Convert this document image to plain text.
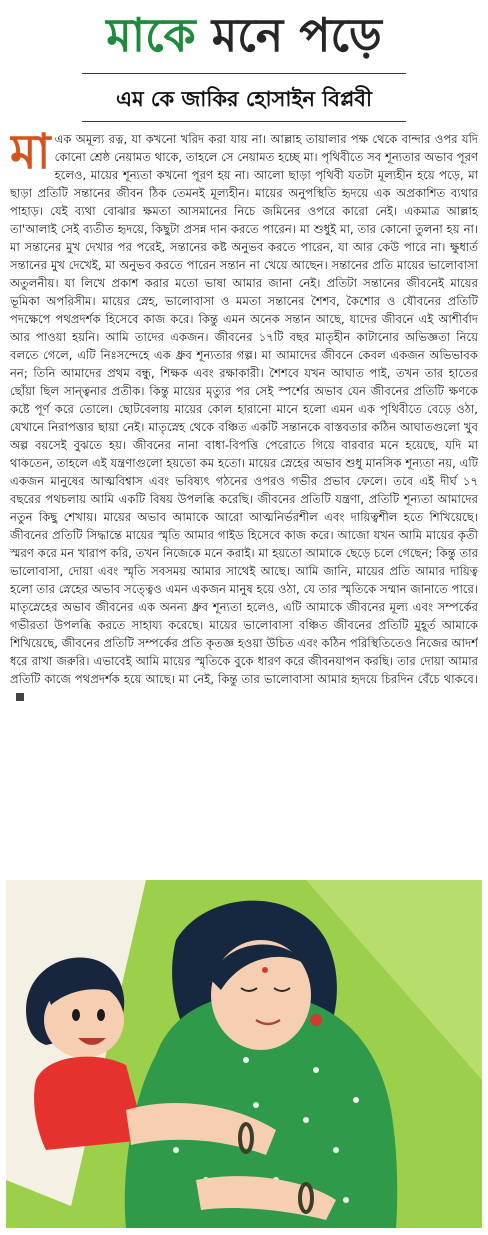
মাকে মনে পড়ে
এম কে জাকির হোসাইন বিপ্লবী
মাএক অমূল্য রত্ন, যা কখনো খরিদ করা যায় না। আল্লাহ তায়ালার পক্ষ থেকে বান্দার ওপর যদি কোনো শ্রেষ্ঠ নেয়ামত থাকে, তাহলে সে নেয়ামত হচ্ছে মা। পৃথিবীতে সব শূন্যতার অভাব পূরণ হলেও, মায়ের শূন্যতা কখনো পূরণ হয় না। আলো ছাড়া পৃথিবী যতটা মূল্যহীন হয়ে পড়ে, মা ছাড়া প্রতিটি সন্তানের জীবন ঠিক তেমনই মূল্যহীন। মায়ের অনুপস্থিতি হৃদয়ে এক অপ্রকাশিত ব্যথার পাহাড়। যেই ব্যথা বোঝার ক্ষমতা আসমানের নিচে জমিনের ওপরে কারো নেই। একমাত্র আল্লাহ তা'আলাই সেই ব্যতীত হৃদয়ে, কিছুটা প্রসন্ন দান করতে পারেন। মা শুধুই মা, তার কোনো তুলনা হয় না। মা সন্তানের মুখ দেখার পর পরেই, সন্তানের কষ্ট অনুভব করতে পারেন, যা আর কেউ পারে না। ক্ষুধার্ত সন্তানের মুখ দেখেই, মা অনুভব করতে পারেন সন্তান না খেয়ে আছেন। সন্তানের প্রতি মায়ের ভালোবাসা অতুলনীয়। যা লিখে প্রকাশ করার মতো ভাষা আমার জানা নেই। প্রতিটা সন্তানের জীবনেই মায়ের ভূমিকা অপরিসীম। মায়ের স্নেহ, ভালোবাসা ও মমতা সন্তানের শৈশব, কৈশোর ও যৌবনের প্রতিটি পদক্ষেপে পথপ্রদর্শক হিসেবে কাজ করে। কিন্তু এমন অনেক সন্তান আছে, যাদের জীবনে এই আশীর্বাদ আর পাওয়া হয়নি। আমি তাদের একজন। জীবনের ১৭টি বছর মাতৃহীন কাটানোর অভিজ্ঞতা নিয়ে বলতে গেলে, এটি নিঃসন্দেহে এক ধ্রুব শূন্যতার গল্প। মা আমাদের জীবনে কেবল একজন অভিভাবক নন; তিনি আমাদের প্রথম বন্ধু, শিক্ষক এবং রক্ষাকারী। শৈশবে যখন আঘাত পাই, তখন তার হাতের ছোঁয়া ছিল সান্ত্বনার প্রতীক। কিন্তু মায়ের মৃত্যুর পর সেই স্পর্শের অভাব যেন জীবনের প্রতিটি ক্ষণকে কষ্টে পূর্ণ করে তোলে। ছোটবেলায় মায়ের কোল হারানো মানে হলো এমন এক পৃথিবীতে বেড়ে ওঠা, যেখানে নিরাপত্তার ছায়া নেই। মাতৃস্নেহ থেকে বঞ্চিত একটি সন্তানকে বাস্তবতার কঠিন আঘাতগুলো খুব অল্প বয়সেই বুঝতে হয়। জীবনের নানা বাধা-বিপত্তি পেরোতে গিয়ে বারবার মনে হয়েছে, যদি মা থাকতেন, তাহলে এই যন্ত্রণাগুলো হয়তো কম হতো। মায়ের স্নেহের অভাব শুধু মানসিক শূন্যতা নয়, এটি একজন মানুষের আত্মবিশ্বাস এবং ভবিষ্যৎ গঠনের ওপরও গভীর প্রভাব ফেলে। তবে এই দীর্ঘ ১৭ বছরের পথচলায় আমি একটি বিষয় উপলব্ধি করেছি। জীবনের প্রতিটি যন্ত্রণা, প্রতিটি শূন্যতা আমাদের নতুন কিছু শেখায়। মায়ের অভাব আমাকে আরো আত্মনির্ভরশীল এবং দায়িত্বশীল হতে শিখিয়েছে। জীবনের প্রতিটি সিদ্ধান্তে মায়ের স্মৃতি আমার গাইড হিসেবে কাজ করে। আজো যখন আমি মায়ের কৃতী স্মরণ করে মন খারাপ করি, তখন নিজেকে মনে করাই। মা হয়তো আমাকে ছেড়ে চলে গেছেন; কিন্তু তার ভালোবাসা, দোয়া এবং স্মৃতি সবসময় আমার সাথেই আছে। আমি জানি, মায়ের প্রতি আমার দায়িত্ব হলো তার স্নেহের অভাব সত্ত্বেও এমন একজন মানুষ হয়ে ওঠা, যে তার স্মৃতিকে সম্মান জানাতে পারে। মাতৃস্নেহের অভাব জীবনের এক অনন্য ধ্রুব শূন্যতা হলেও, এটি আমাকে জীবনের মূল্য এবং সম্পর্কের গভীরতা উপলব্ধি করতে সাহায্য করেছে। মায়ের ভালোবাসা বঞ্চিত জীবনের প্রতিটি মুহূর্ত আমাকে শিখিয়েছে, জীবনের প্রতিটি সম্পর্কের প্রতি কৃতজ্ঞ হওয়া উচিত এবং কঠিন পরিস্থিতিতেও নিজের আদর্শ ধরে রাখা জরুরি। এভাবেই আমি মায়ের স্মৃতিকে বুকে ধারণ করে জীবনযাপন করছি। তার দোয়া আমার প্রতিটি কাজে পথপ্রদর্শক হয়ে আছে। মা নেই, কিন্তু তার ভালোবাসা আমার হৃদয়ে চিরদিন বেঁচে থাকবে।
